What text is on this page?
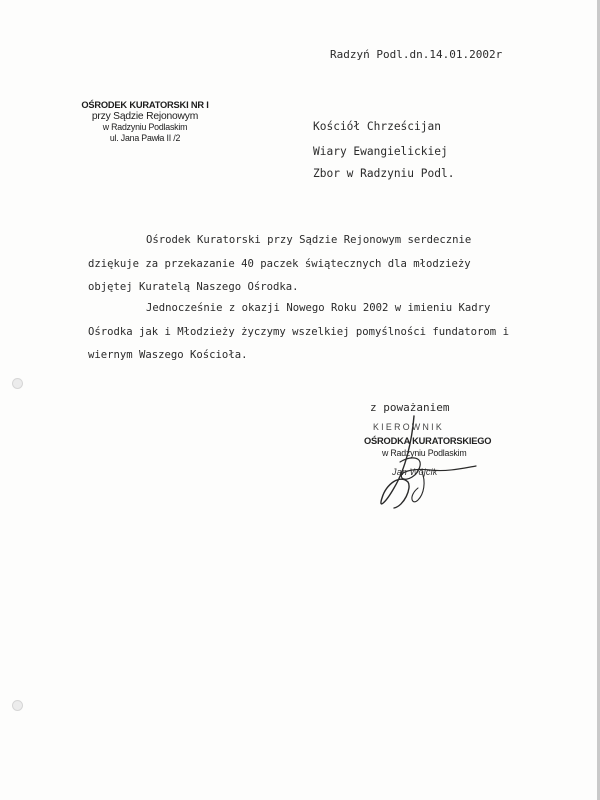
Radzyń Podl.dn.14.01.2002r
OŚRODEK KURATORSKI NR I
przy Sądzie Rejonowym
w Radzyniu Podlaskim
ul. Jana Pawła II /2
Kościół Chrześcijan
Wiary Ewangielickiej
Zbor w Radzyniu Podl.
Ośrodek Kuratorski przy Sądzie Rejonowym serdecznie
dziękuje za przekazanie 40 paczek świątecznych dla młodzieży
objętej Kuratelą Naszego Ośrodka.
Jednocześnie z okazji Nowego Roku 2002 w imieniu Kadry
Ośrodka jak i Młodzieży życzymy wszelkiej pomyślności fundatorom i
wiernym Waszego Kościoła.
z poważaniem
KIEROWNIK
OŚRODKA KURATORSKIEGO
w Radzyniu Podlaskim
Jan Wójcik
